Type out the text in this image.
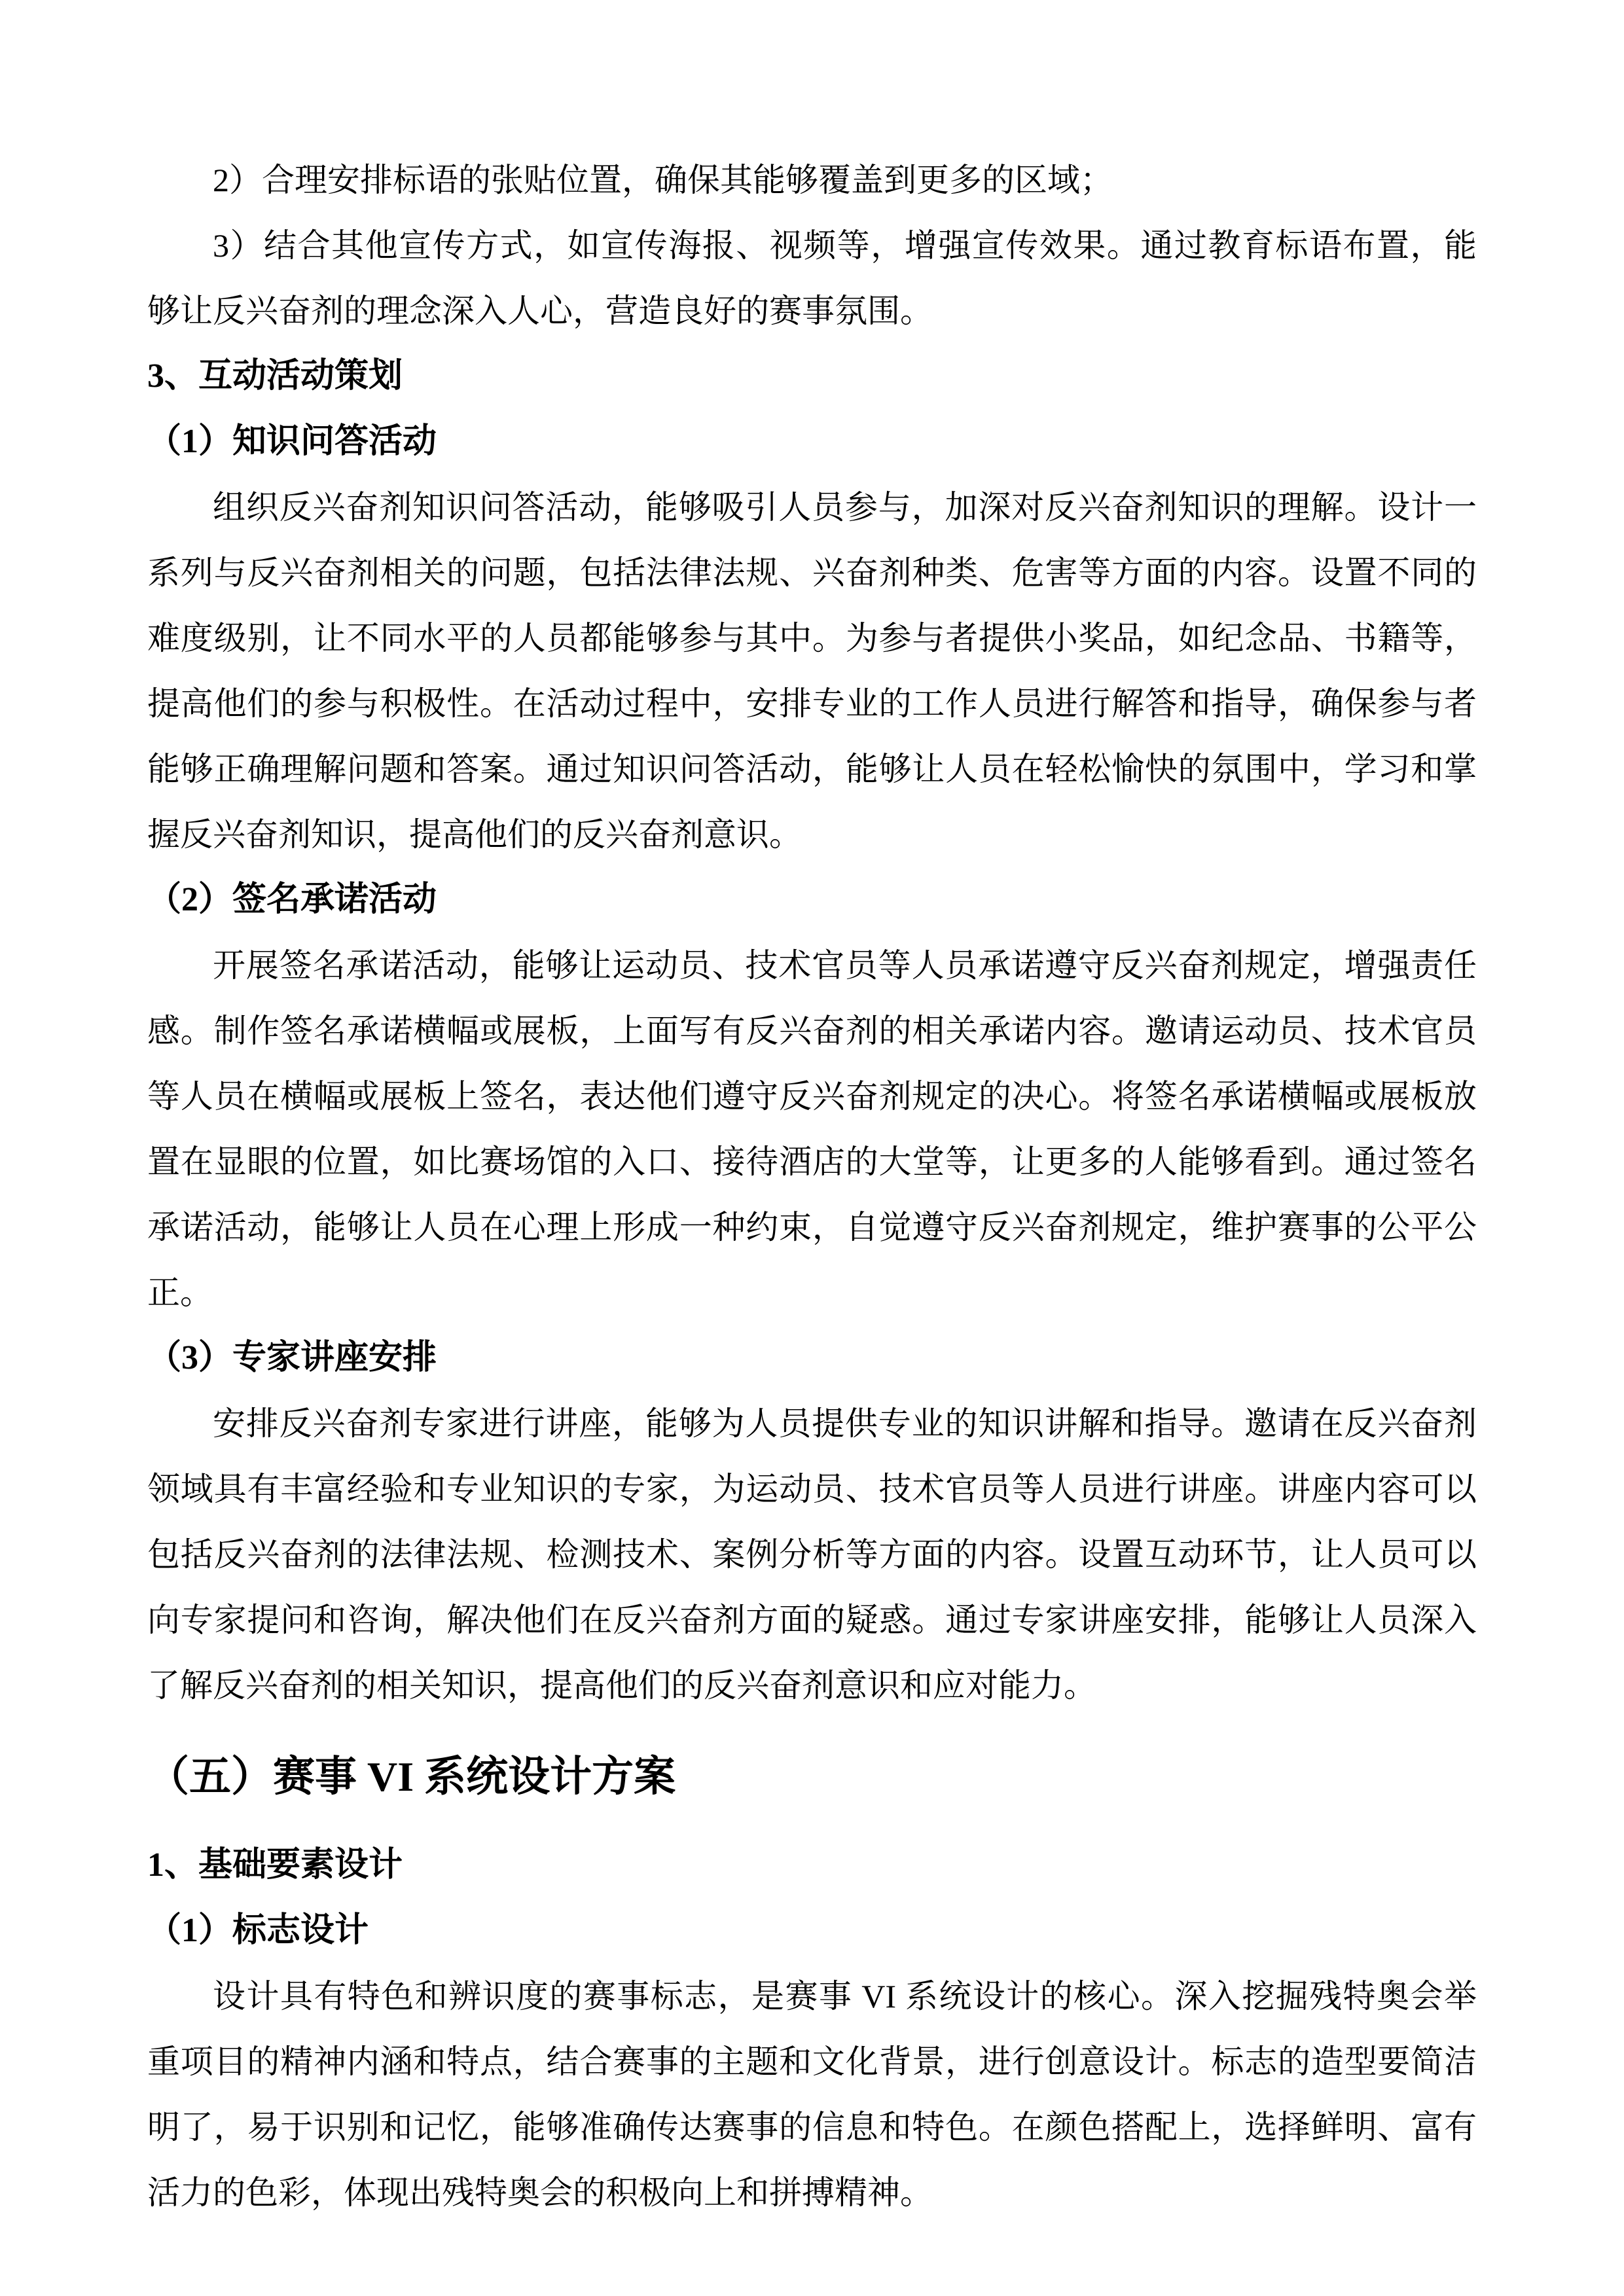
2）合理安排标语的张贴位置，确保其能够覆盖到更多的区域；
3）结合其他宣传方式，如宣传海报、视频等，增强宣传效果。通过教育标语布置，能
够让反兴奋剂的理念深入人心，营造良好的赛事氛围。
3、互动活动策划
（1）知识问答活动
组织反兴奋剂知识问答活动，能够吸引人员参与，加深对反兴奋剂知识的理解。设计一
系列与反兴奋剂相关的问题，包括法律法规、兴奋剂种类、危害等方面的内容。设置不同的
难度级别，让不同水平的人员都能够参与其中。为参与者提供小奖品，如纪念品、书籍等，
提高他们的参与积极性。在活动过程中，安排专业的工作人员进行解答和指导，确保参与者
能够正确理解问题和答案。通过知识问答活动，能够让人员在轻松愉快的氛围中，学习和掌
握反兴奋剂知识，提高他们的反兴奋剂意识。
（2）签名承诺活动
开展签名承诺活动，能够让运动员、技术官员等人员承诺遵守反兴奋剂规定，增强责任
感。制作签名承诺横幅或展板，上面写有反兴奋剂的相关承诺内容。邀请运动员、技术官员
等人员在横幅或展板上签名，表达他们遵守反兴奋剂规定的决心。将签名承诺横幅或展板放
置在显眼的位置，如比赛场馆的入口、接待酒店的大堂等，让更多的人能够看到。通过签名
承诺活动，能够让人员在心理上形成一种约束，自觉遵守反兴奋剂规定，维护赛事的公平公
正。
（3）专家讲座安排
安排反兴奋剂专家进行讲座，能够为人员提供专业的知识讲解和指导。邀请在反兴奋剂
领域具有丰富经验和专业知识的专家，为运动员、技术官员等人员进行讲座。讲座内容可以
包括反兴奋剂的法律法规、检测技术、案例分析等方面的内容。设置互动环节，让人员可以
向专家提问和咨询，解决他们在反兴奋剂方面的疑惑。通过专家讲座安排，能够让人员深入
了解反兴奋剂的相关知识，提高他们的反兴奋剂意识和应对能力。
（五）赛事 VI 系统设计方案
1、基础要素设计
（1）标志设计
设计具有特色和辨识度的赛事标志，是赛事 VI 系统设计的核心。深入挖掘残特奥会举
重项目的精神内涵和特点，结合赛事的主题和文化背景，进行创意设计。标志的造型要简洁
明了，易于识别和记忆，能够准确传达赛事的信息和特色。在颜色搭配上，选择鲜明、富有
活力的色彩，体现出残特奥会的积极向上和拼搏精神。
